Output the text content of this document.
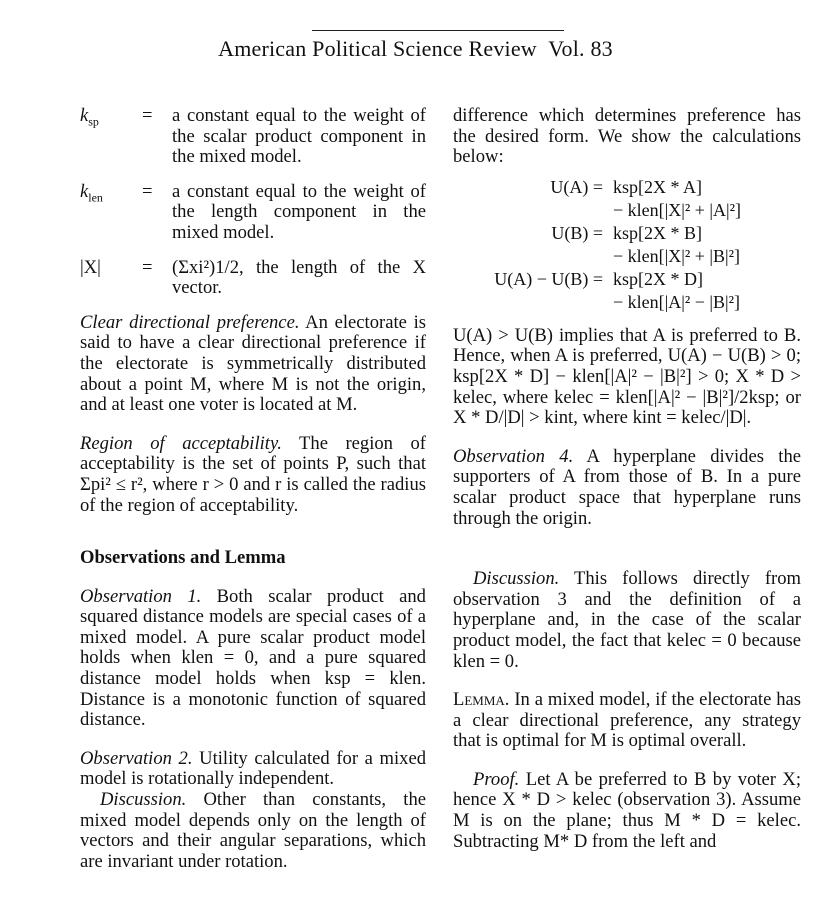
American Political Science Review Vol. 83
$k_{sp}$	=	a constant equal to the weight of the scalar product component in the mixed model.
$k_{len}$	=	a constant equal to the weight of the length component in the mixed model.
|X|	=	(Σxi²)1/2, the length of the X vector.

Clear directional preference. An electorate is said to have a clear directional preference if the electorate is symmetrically distributed about a point M, where M is not the origin, and at least one voter is located at M.

Region of acceptability. The region of acceptability is the set of points P, such that Σpi² ≤ r², where r > 0 and r is called the radius of the region of acceptability.

Observations and Lemma

Observation 1. Both scalar product and squared distance models are special cases of a mixed model. A pure scalar product model holds when klen = 0, and a pure squared distance model holds when ksp = klen. Distance is a monotonic function of squared distance.

Observation 2. Utility calculated for a mixed model is rotationally independent.

Discussion. Other than constants, the mixed model depends only on the length of vectors and their angular separations, which are invariant under rotation.

difference which determines preference has the desired form. We show the calculations below:

U(A) = ksp[2X * A]
− klen[|X|² + |A|²]
U(B) = ksp[2X * B]
− klen[|X|² + |B|²]
U(A) − U(B) = ksp[2X * D]
− klen[|A|² − |B|²]

U(A) > U(B) implies that A is preferred to B. Hence, when A is preferred, U(A) − U(B) > 0; ksp[2X * D] − klen[|A|² − |B|²] > 0; X * D > kelec, where kelec = klen[|A|² − |B|²]/2ksp; or X * D/|D| > kint, where kint = kelec/|D|.

Observation 4. A hyperplane divides the supporters of A from those of B. In a pure scalar product space that hyperplane runs through the origin.

Discussion. This follows directly from observation 3 and the definition of a hyperplane and, in the case of the scalar product model, the fact that kelec = 0 because klen = 0.

Lemma. In a mixed model, if the electorate has a clear directional preference, any strategy that is optimal for M is optimal overall.

Proof. Let A be preferred to B by voter X; hence X * D > kelec (observation 3). Assume M is on the plane; thus M * D = kelec. Subtracting M* D from the left and
